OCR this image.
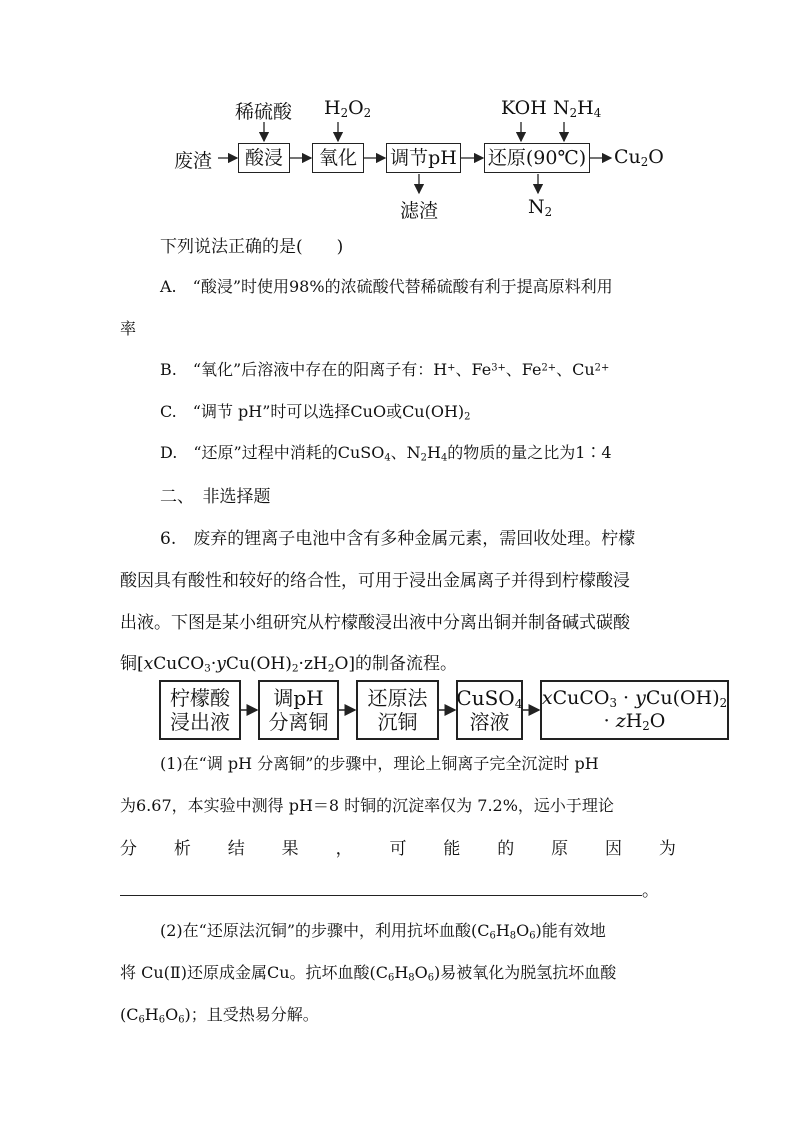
稀硫酸 $H_2O_2$	KOH $N_2H_4$
废渣	酸浸	氧化	调节pH 还原(90℃) $Cu_2O$
滤渣	$N_2$
下列说法正确的是(　　)
A.　“酸浸”时使用98%的浓硫酸代替稀硫酸有利于提高原料利用
率
B.　“氧化”后溶液中存在的阳离子有：H+、$Fe^{3+}$、$Fe^{2+}$、$Cu^{2+}$
C.　“调节 pH”时可以选择CuO或$Cu(OH)_2$
D.　“还原”过程中消耗的CuSO$_4$、$N_2H_4$的物质的量之比为1∶4
二、　非选择题
6.　废弃的锂离子电池中含有多种金属元素，需回收处理。柠檬
酸因具有酸性和较好的络合性，可用于浸出金属离子并得到柠檬酸浸
出液。下图是某小组研究从柠檬酸浸出液中分离出铜并制备碱式碳酸
铜$[xCuCO_3\cdot yCu(OH)_2\cdot zH_2O]$的制备流程。
柠檬酸
浸出液
调pH
分离铜
还原法
沉铜
CuSO$_4$
溶液
xCuCO$_3$ · $yCu(OH)_2$
· $zH_2O$
(1)在“调 pH 分离铜”的步骤中，理论上铜离子完全沉淀时 pH
为6.67，本实验中测得 pH＝8 时铜的沉淀率仅为 7.2%，远小于理论
分 析 结 果 ， 可 能 的 原 因 为
。
(2)在“还原法沉铜”的步骤中，利用抗坏血酸$(C_6H_8O_6)$能有效地
将 Cu(Ⅱ)还原成金属Cu。抗坏血酸$(C_6H_8O_6)$易被氧化为脱氢抗坏血酸
$(C_6H_6O_6)$；且受热易分解。
